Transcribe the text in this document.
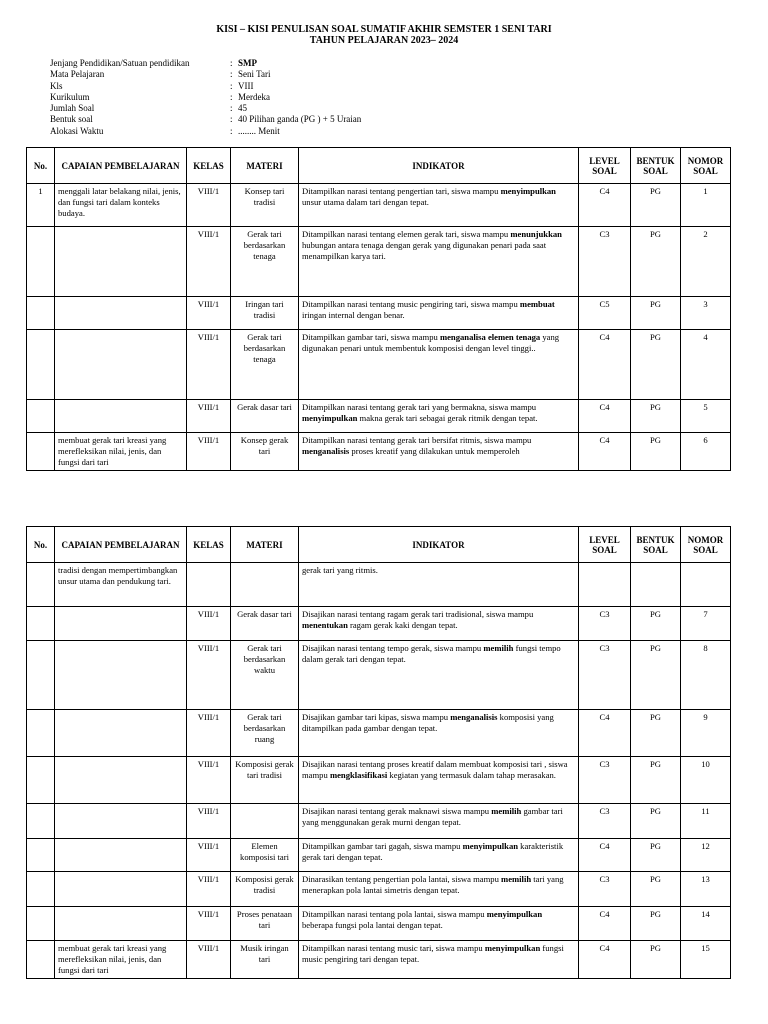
KISI – KISI PENULISAN SOAL SUMATIF AKHIR SEMSTER 1 SENI TARI
TAHUN PELAJARAN 2023– 2024
Jenjang Pendidikan/Satuan pendidikan	: SMP
Mata Pelajaran	: Seni Tari
Kls	: VIII
Kurikulum	: Merdeka
Jumlah Soal	: 45
Bentuk soal	: 40 Pilihan ganda (PG ) + 5 Uraian
Alokasi Waktu	: ........ Menit
No.	CAPAIAN PEMBELAJARAN	KELAS	MATERI	INDIKATOR	LEVEL SOAL	BENTUK SOAL	NOMOR SOAL
1	menggali latar belakang nilai, jenis, dan fungsi tari dalam konteks budaya.	VIII/1	Konsep tari tradisi	Ditampilkan narasi tentang pengertian tari, siswa mampu menyimpulkan unsur utama dalam tari dengan tepat.	C4	PG	1
		VIII/1	Gerak tari berdasarkan tenaga	Ditampilkan narasi tentang elemen gerak tari, siswa mampu menunjukkan hubungan antara tenaga dengan gerak yang digunakan penari pada saat menampilkan karya tari.	C3	PG	2
		VIII/1	Iringan tari tradisi	Ditampilkan narasi tentang music pengiring tari, siswa mampu membuat iringan internal dengan benar.	C5	PG	3
		VIII/1	Gerak tari berdasarkan tenaga	Ditampilkan gambar tari, siswa mampu menganalisa elemen tenaga yang digunakan penari untuk membentuk komposisi dengan level tinggi..	C4	PG	4
		VIII/1	Gerak dasar tari	Ditampilkan narasi tentang gerak tari yang bermakna, siswa mampu menyimpulkan makna gerak tari sebagai gerak ritmik dengan tepat.	C4	PG	5
	membuat gerak tari kreasi yang merefleksikan nilai, jenis, dan fungsi dari tari	VIII/1	Konsep gerak tari	Ditampilkan narasi tentang gerak tari bersifat ritmis, siswa mampu menganalisis proses kreatif yang dilakukan untuk memperoleh	C4	PG	6
No.	CAPAIAN PEMBELAJARAN	KELAS	MATERI	INDIKATOR	LEVEL SOAL	BENTUK SOAL	NOMOR SOAL
	tradisi dengan mempertimbangkan unsur utama dan pendukung tari.			gerak tari yang ritmis.			
		VIII/1	Gerak dasar tari	Disajikan narasi tentang ragam gerak tari tradisional, siswa mampu menentukan ragam gerak kaki dengan tepat.	C3	PG	7
		VIII/1	Gerak tari berdasarkan waktu	Disajikan narasi tentang tempo gerak, siswa mampu memilih fungsi tempo dalam gerak tari dengan tepat.	C3	PG	8
		VIII/1	Gerak tari berdasarkan ruang	Disajikan gambar tari kipas, siswa mampu menganalisis komposisi yang ditampilkan pada gambar dengan tepat.	C4	PG	9
		VIII/1	Komposisi gerak tari tradisi	Disajikan narasi tentang proses kreatif dalam membuat komposisi tari , siswa mampu mengklasifikasi kegiatan yang termasuk dalam tahap merasakan.	C3	PG	10
		VIII/1		Disajikan narasi tentang gerak maknawi siswa mampu memilih gambar tari yang menggunakan gerak murni dengan tepat.	C3	PG	11
		VIII/1	Elemen komposisi tari	Ditampilkan gambar tari gagah, siswa mampu menyimpulkan karakteristik gerak tari dengan tepat.	C4	PG	12
		VIII/1	Komposisi gerak tradisi	Dinarasikan tentang pengertian pola lantai, siswa mampu memilih tari yang menerapkan pola lantai simetris dengan tepat.	C3	PG	13
		VIII/1	Proses penataan tari	Ditampilkan narasi tentang pola lantai, siswa mampu menyimpulkan beberapa fungsi pola lantai dengan tepat.	C4	PG	14
	membuat gerak tari kreasi yang merefleksikan nilai, jenis, dan fungsi dari tari	VIII/1	Musik iringan tari	Ditampilkan narasi tentang music tari, siswa mampu menyimpulkan fungsi music pengiring tari dengan tepat.	C4	PG	15
